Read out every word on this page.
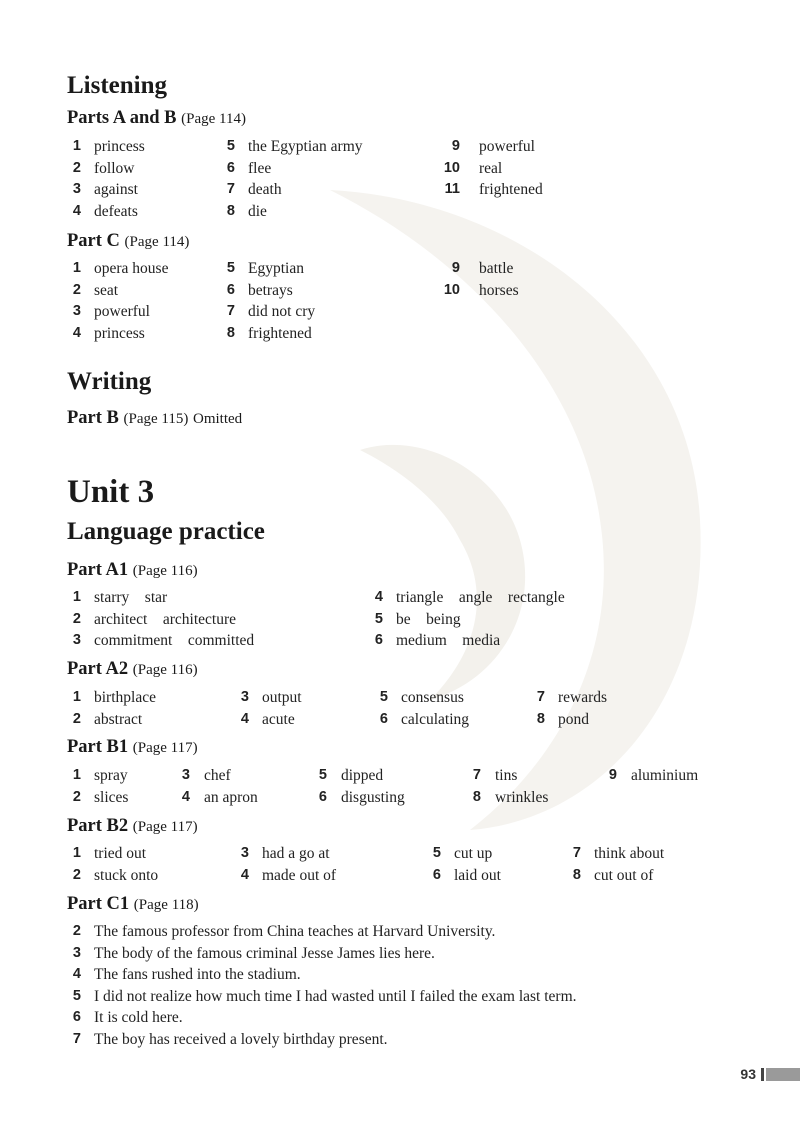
Listening
Parts A and B (Page 114)
1 princess
2 follow
3 against
4 defeats
5 the Egyptian army
6 flee
7 death
8 die
9 powerful
10 real
11 frightened
Part C (Page 114)
1 opera house
2 seat
3 powerful
4 princess
5 Egyptian
6 betrays
7 did not cry
8 frightened
9 battle
10 horses
Writing
Part B (Page 115) Omitted
Unit 3
Language practice
Part A1 (Page 116)
1 starry    star
2 architect    architecture
3 commitment    committed
4 triangle    angle    rectangle
5 be    being
6 medium    media
Part A2 (Page 116)
1 birthplace
2 abstract
3 output
4 acute
5 consensus
6 calculating
7 rewards
8 pond
Part B1 (Page 117)
1 spray
2 slices
3 chef
4 an apron
5 dipped
6 disgusting
7 tins
8 wrinkles
9 aluminium
Part B2 (Page 117)
1 tried out
2 stuck onto
3 had a go at
4 made out of
5 cut up
6 laid out
7 think about
8 cut out of
Part C1 (Page 118)
2 The famous professor from China teaches at Harvard University.
3 The body of the famous criminal Jesse James lies here.
4 The fans rushed into the stadium.
5 I did not realize how much time I had wasted until I failed the exam last term.
6 It is cold here.
7 The boy has received a lovely birthday present.
93
